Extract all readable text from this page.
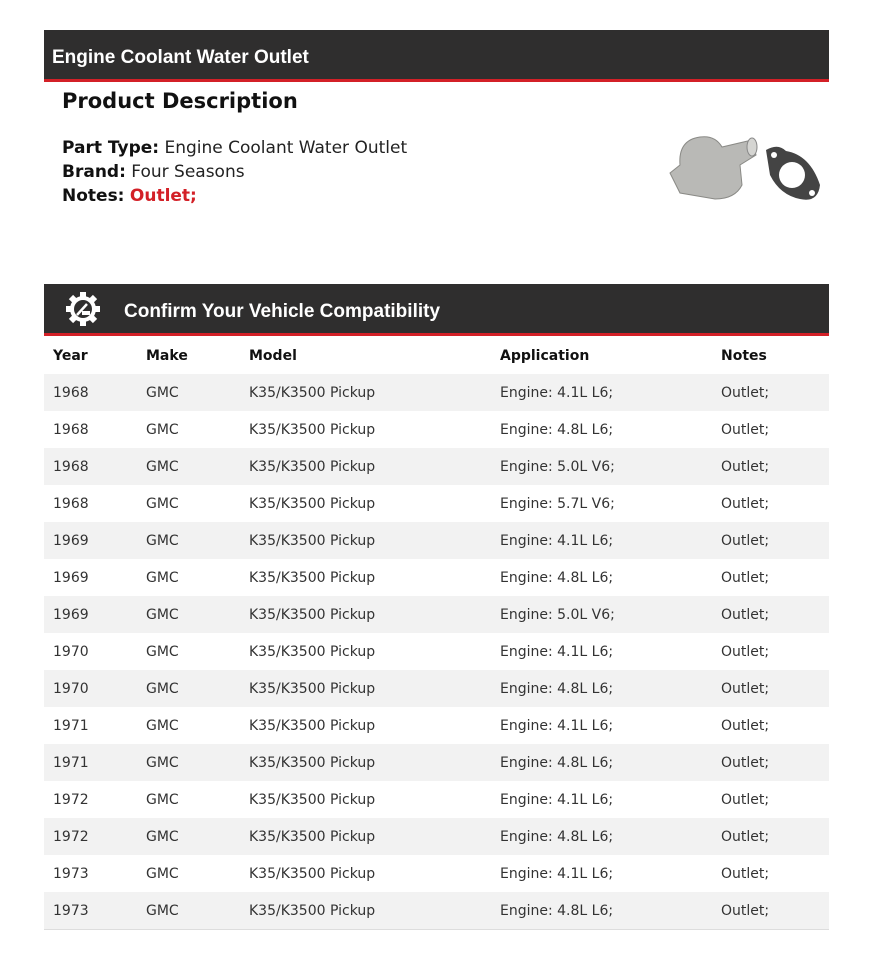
Engine Coolant Water Outlet
Product Description
Part Type: Engine Coolant Water Outlet
Brand: Four Seasons
Notes: Outlet;
Confirm Your Vehicle Compatibility
Year	Make	Model	Application	Notes
1968	GMC	K35/K3500 Pickup	Engine: 4.1L L6;	Outlet;
1968	GMC	K35/K3500 Pickup	Engine: 4.8L L6;	Outlet;
1968	GMC	K35/K3500 Pickup	Engine: 5.0L V6;	Outlet;
1968	GMC	K35/K3500 Pickup	Engine: 5.7L V6;	Outlet;
1969	GMC	K35/K3500 Pickup	Engine: 4.1L L6;	Outlet;
1969	GMC	K35/K3500 Pickup	Engine: 4.8L L6;	Outlet;
1969	GMC	K35/K3500 Pickup	Engine: 5.0L V6;	Outlet;
1970	GMC	K35/K3500 Pickup	Engine: 4.1L L6;	Outlet;
1970	GMC	K35/K3500 Pickup	Engine: 4.8L L6;	Outlet;
1971	GMC	K35/K3500 Pickup	Engine: 4.1L L6;	Outlet;
1971	GMC	K35/K3500 Pickup	Engine: 4.8L L6;	Outlet;
1972	GMC	K35/K3500 Pickup	Engine: 4.1L L6;	Outlet;
1972	GMC	K35/K3500 Pickup	Engine: 4.8L L6;	Outlet;
1973	GMC	K35/K3500 Pickup	Engine: 4.1L L6;	Outlet;
1973	GMC	K35/K3500 Pickup	Engine: 4.8L L6;	Outlet;
